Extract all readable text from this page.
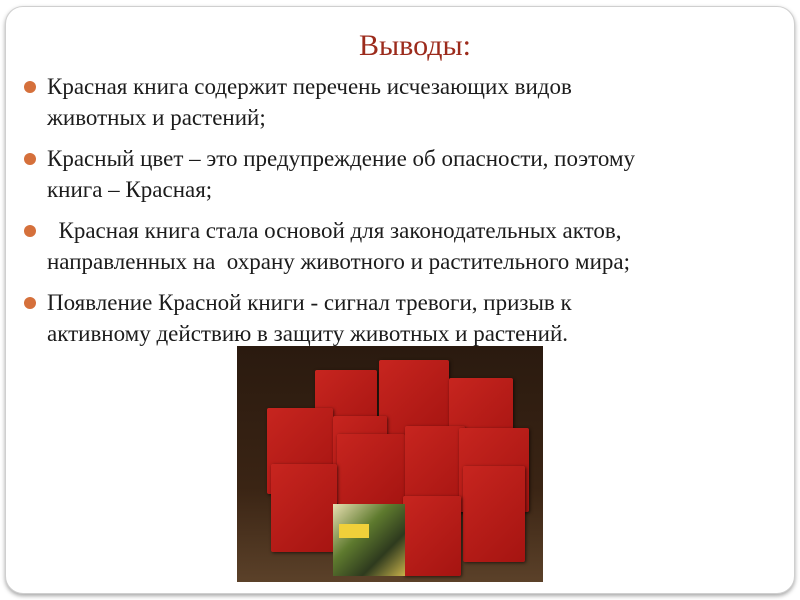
Выводы:
Красная книга содержит перечень исчезающих видов
животных и растений;
Красный цвет – это предупреждение об опасности, поэтому
книга – Красная;
Красная книга стала основой для законодательных актов,
направленных на  охрану животного и растительного мира;
Появление Красной книги - сигнал тревоги, призыв к
активному действию в защиту животных и растений.
